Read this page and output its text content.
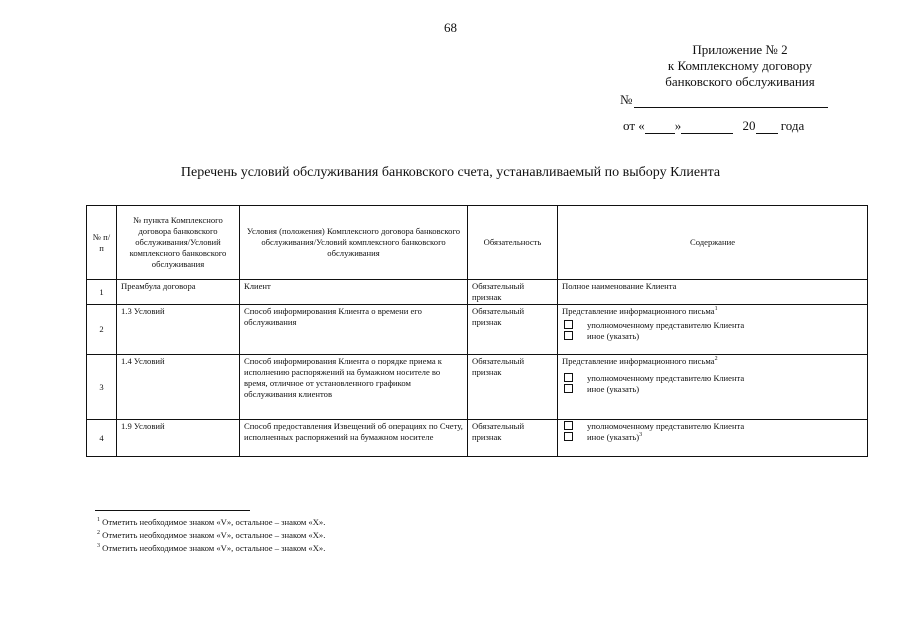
68
Приложение № 2
к Комплексному договору
банковского обслуживания
№
от « »	20 года
Перечень условий обслуживания банковского счета, устанавливаемый по выбору Клиента
№ п/п	№ пункта Комплексного договора банковского обслуживания/Условий комплексного банковского обслуживания	Условия (положения) Комплексного договора банковского обслуживания/Условий комплексного банковского обслуживания	Обязательность	Содержание
1	Преамбула договора	Клиент	Обязательный признак	Полное наименование Клиента
2	1.3 Условий	Способ информирования Клиента о времени его обслуживания	Обязательный признак	Представление информационного письма$^1$
уполномоченному представителю Клиента
иное (указать)

3	1.4 Условий	Способ информирования Клиента о порядке приема к исполнению распоряжений на бумажном носителе во время, отличное от установленного графиком обслуживания клиентов	Обязательный признак	Представление информационного письма$^2$
уполномоченному представителю Клиента
иное (указать)

4	1.9 Условий	Способ предоставления Извещений об операциях по Счету, исполненных распоряжений на бумажном носителе	Обязательный признак	уполномоченному представителю Клиента
иное (указать)$^3$
$^1$ Отметить необходимое знаком «V», остальное – знаком «X».
$^2$ Отметить необходимое знаком «V», остальное – знаком «X».
$^3$ Отметить необходимое знаком «V», остальное – знаком «X».
